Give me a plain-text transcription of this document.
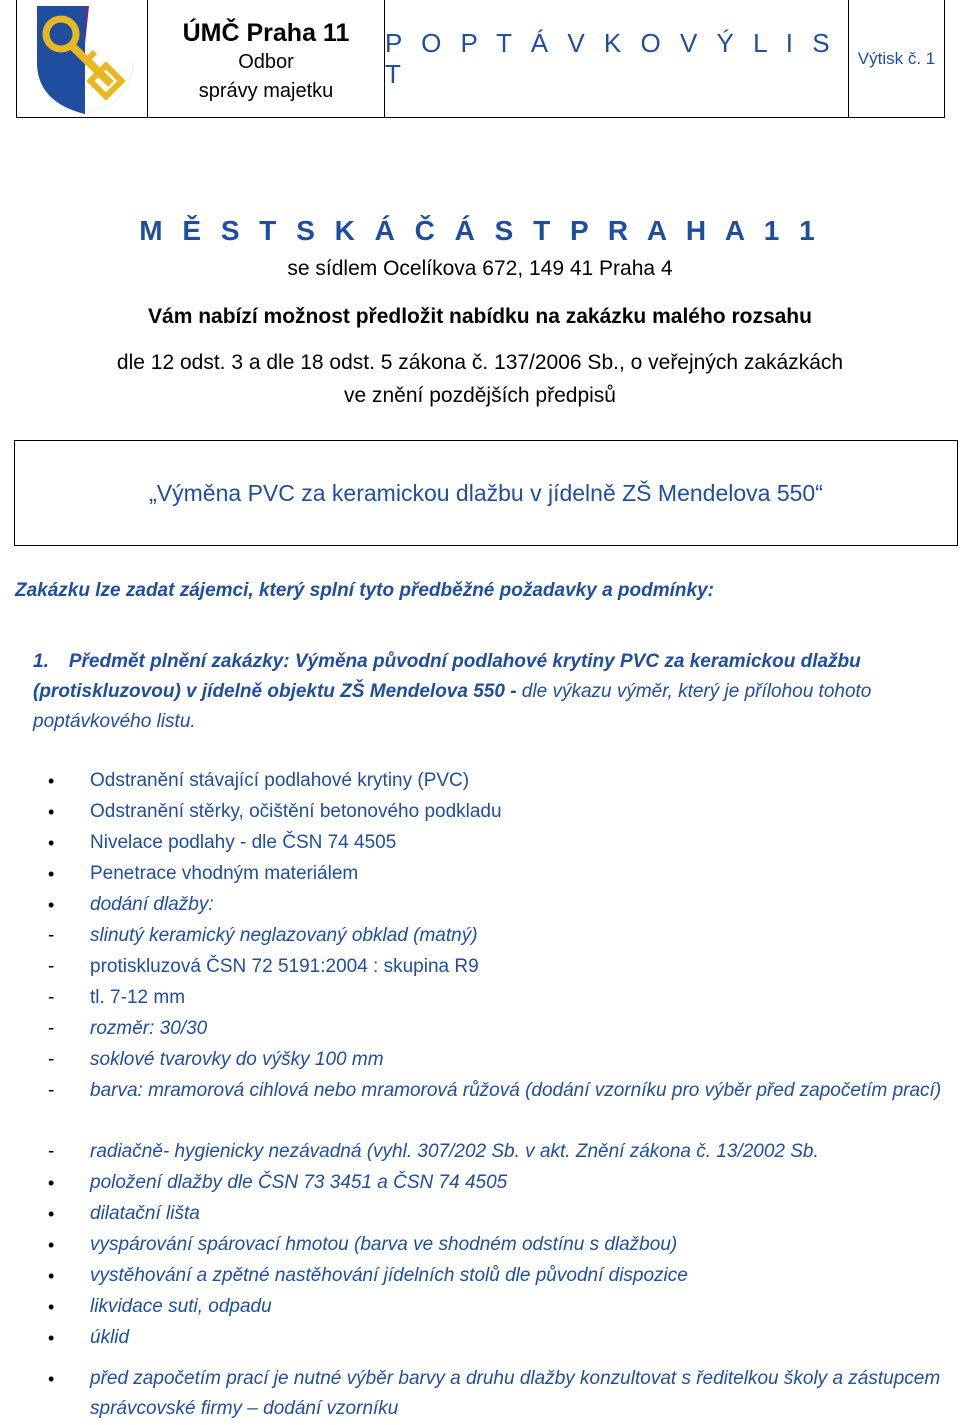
ÚMČ Praha 11
Odbor
správy majetku
P O P T Á V K O V Ý L I S T
Výtisk č. 1
M Ě S T S K Á Č Á S T P R A H A 1 1
se sídlem Ocelíkova 672, 149 41 Praha 4
Vám nabízí možnost předložit nabídku na zakázku malého rozsahu
dle 12 odst. 3 a dle 18 odst. 5 zákona č. 137/2006 Sb., o veřejných zakázkách
ve znění pozdějších předpisů
„Výměna PVC za keramickou dlažbu v jídelně ZŠ Mendelova 550“
Zakázku lze zadat zájemci, který splní tyto předběžné požadavky a podmínky:
1. Předmět plnění zakázky: Výměna původní podlahové krytiny PVC za keramickou dlažbu (protiskluzovou) v jídelně objektu ZŠ Mendelova 550 - dle výkazu výměr, který je přílohou tohoto poptávkového listu.
•	Odstranění stávající podlahové krytiny (PVC)
•	Odstranění stěrky, očištění betonového podkladu
•	Nivelace podlahy - dle ČSN 74 4505
•	Penetrace vhodným materiálem
•	dodání dlažby:
-	slinutý keramický neglazovaný obklad (matný)
-	protiskluzová ČSN 72 5191:2004 : skupina R9
-	tl. 7-12 mm
-	rozměr: 30/30
-	soklové tvarovky do výšky 100 mm
-	barva: mramorová cihlová nebo mramorová růžová (dodání vzorníku pro výběr před započetím prací)
-	radiačně- hygienicky nezávadná (vyhl. 307/202 Sb. v akt. Znění zákona č. 13/2002 Sb.
•	položení dlažby dle ČSN 73 3451 a ČSN 74 4505
•	dilatační lišta
•	vyspárování spárovací hmotou (barva ve shodném odstínu s dlažbou)
•	vystěhování a zpětné nastěhování jídelních stolů dle původní dispozice
•	likvidace suti, odpadu
•	úklid
•	před započetím prací je nutné výběr barvy a druhu dlažby konzultovat s ředitelkou školy a zástupcem správcovské firmy – dodání vzorníku
